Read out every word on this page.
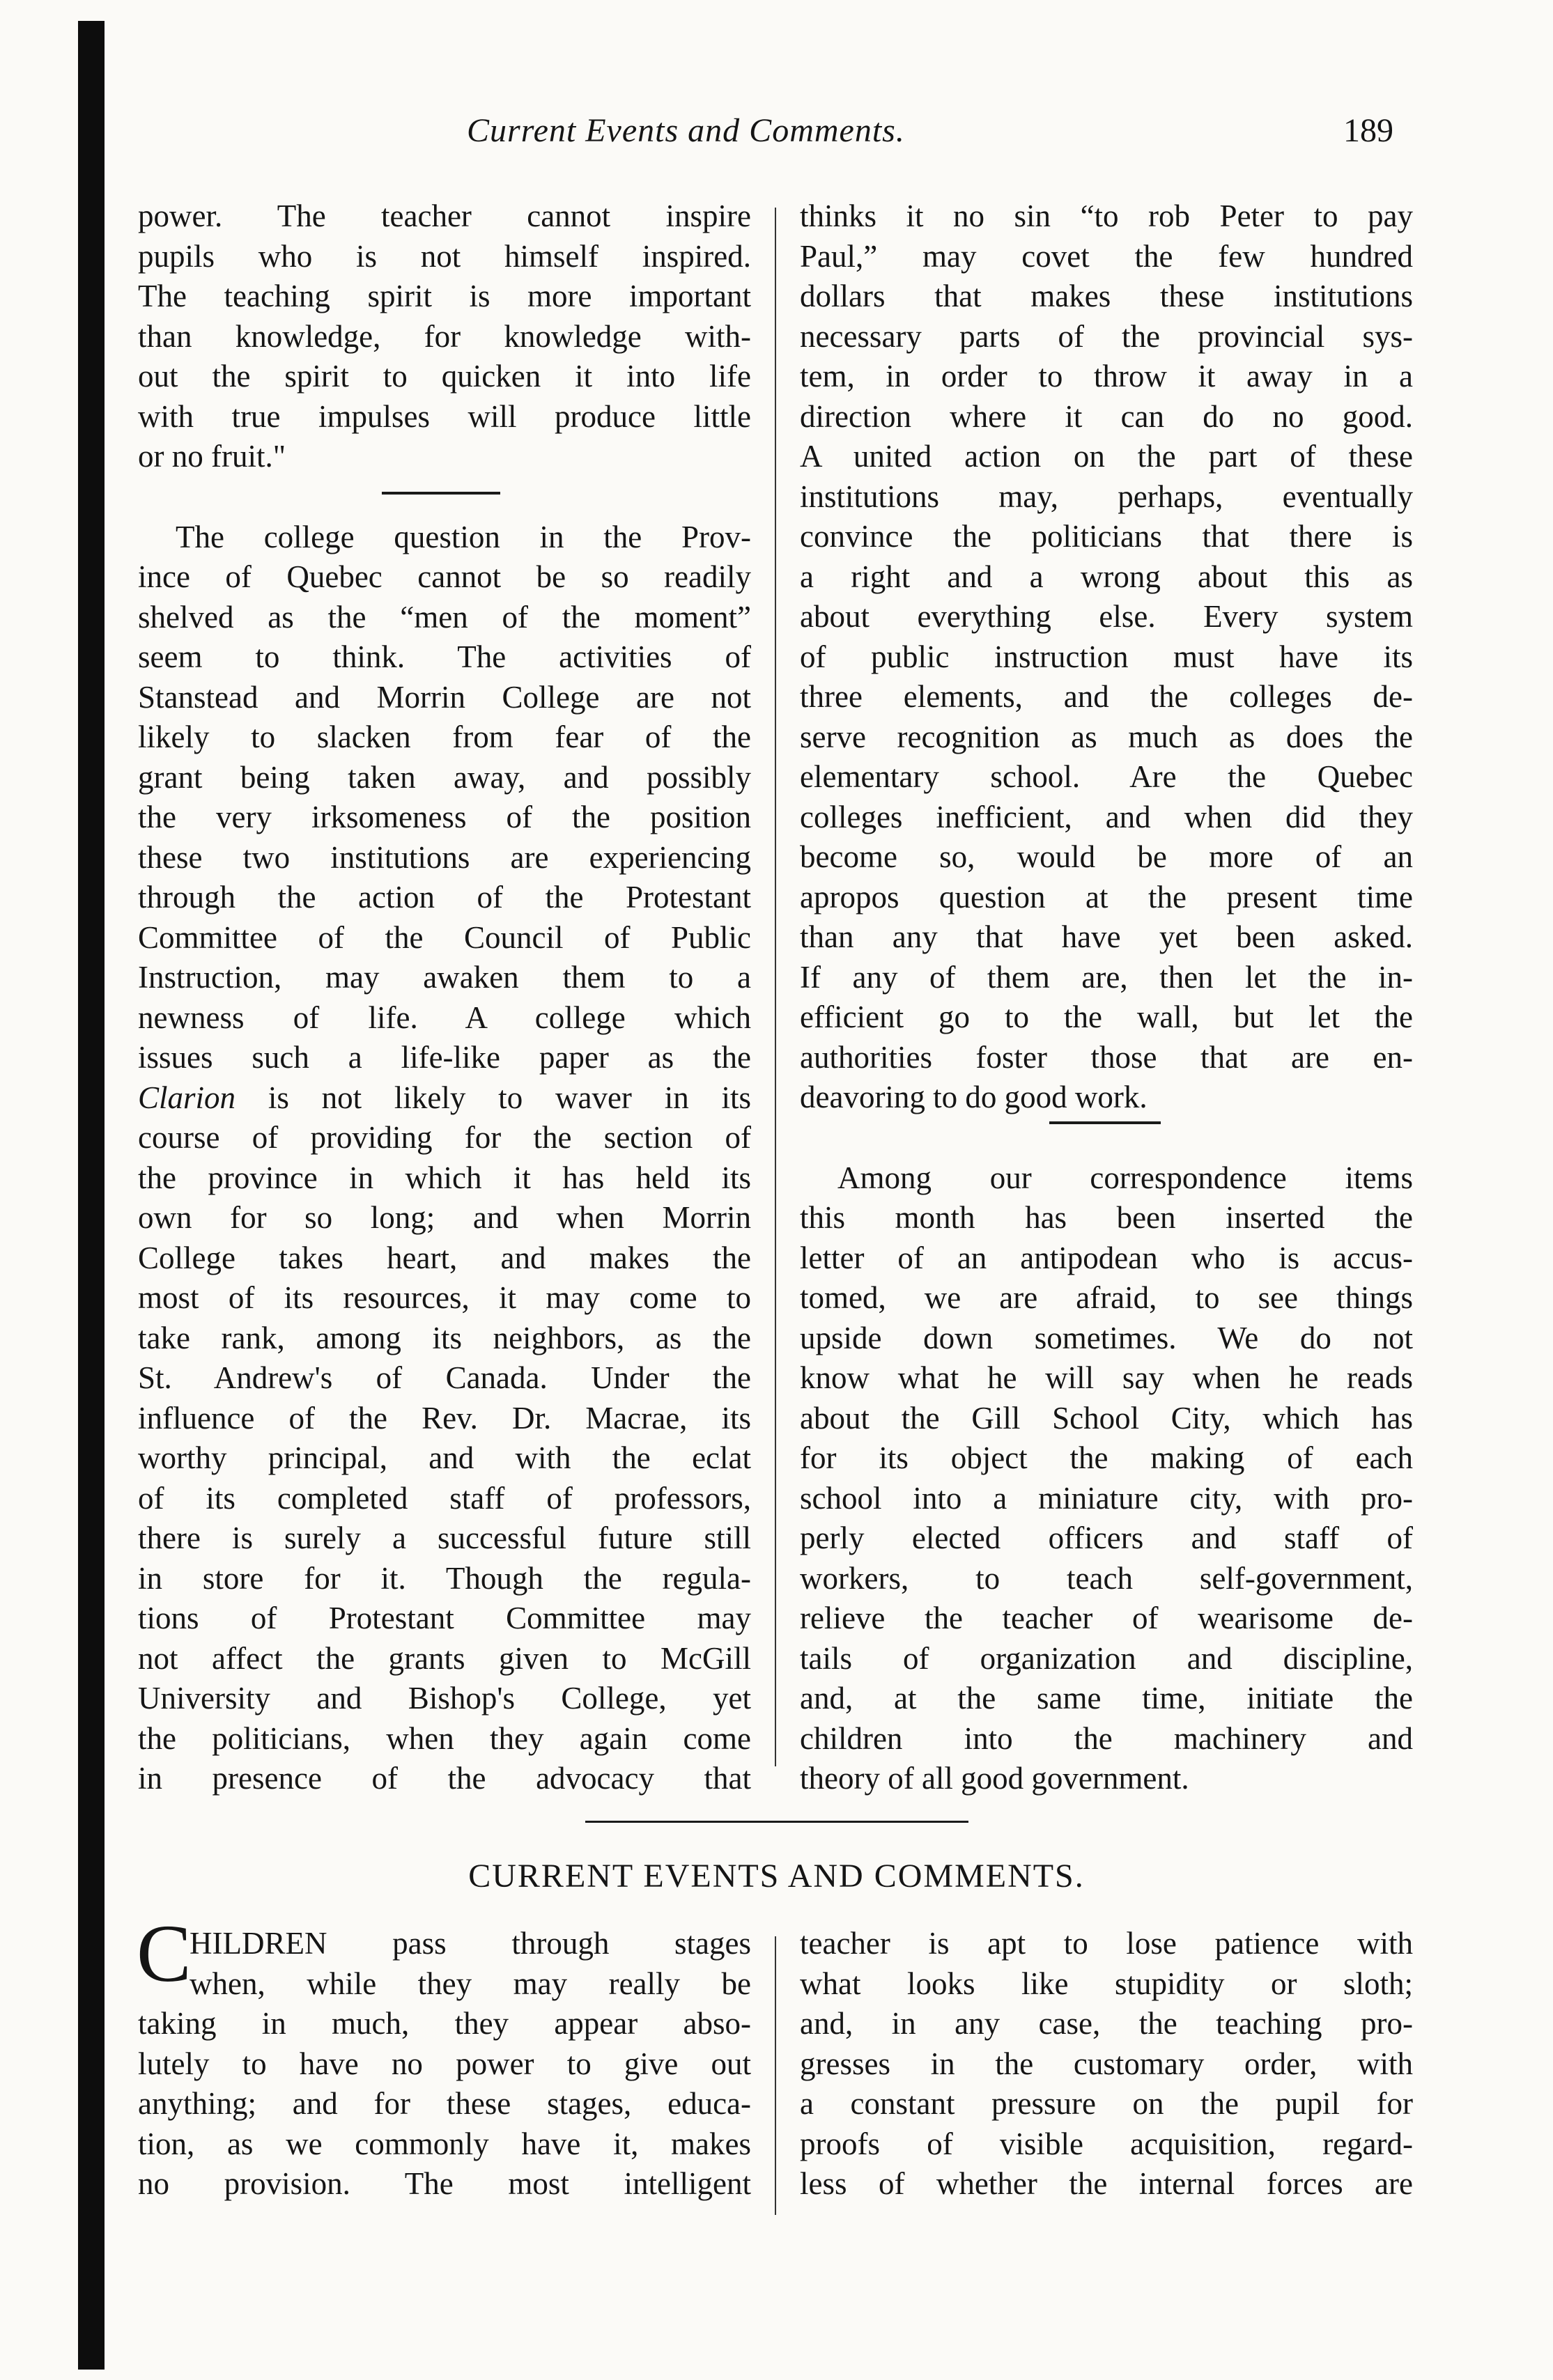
Current Events and Comments.	189
power. The teacher cannot inspire
pupils who is not himself inspired.
The teaching spirit is more important
than knowledge, for knowledge with-
out the spirit to quicken it into life
with true impulses will produce little
or no fruit."
The college question in the Prov-
ince of Quebec cannot be so readily
shelved as the “men of the moment”
seem to think. The activities of
Stanstead and Morrin College are not
likely to slacken from fear of the
grant being taken away, and possibly
the very irksomeness of the position
these two institutions are experiencing
through the action of the Protestant
Committee of the Council of Public
Instruction, may awaken them to a
newness of life. A college which
issues such a life-like paper as the
Clarion is not likely to waver in its
course of providing for the section of
the province in which it has held its
own for so long; and when Morrin
College takes heart, and makes the
most of its resources, it may come to
take rank, among its neighbors, as the
St. Andrew's of Canada. Under the
influence of the Rev. Dr. Macrae, its
worthy principal, and with the eclat
of its completed staff of professors,
there is surely a successful future still
in store for it. Though the regula-
tions of Protestant Committee may
not affect the grants given to McGill
University and Bishop's College, yet
the politicians, when they again come
in presence of the advocacy that
thinks it no sin “to rob Peter to pay
Paul,” may covet the few hundred
dollars that makes these institutions
necessary parts of the provincial sys-
tem, in order to throw it away in a
direction where it can do no good.
A united action on the part of these
institutions may, perhaps, eventually
convince the politicians that there is
a right and a wrong about this as
about everything else. Every system
of public instruction must have its
three elements, and the colleges de-
serve recognition as much as does the
elementary school. Are the Quebec
colleges inefficient, and when did they
become so, would be more of an
apropos question at the present time
than any that have yet been asked.
If any of them are, then let the in-
efficient go to the wall, but let the
authorities foster those that are en-
deavoring to do good work.
Among our correspondence items
this month has been inserted the
letter of an antipodean who is accus-
tomed, we are afraid, to see things
upside down sometimes. We do not
know what he will say when he reads
about the Gill School City, which has
for its object the making of each
school into a miniature city, with pro-
perly elected officers and staff of
workers, to teach self-government,
relieve the teacher of wearisome de-
tails of organization and discipline,
and, at the same time, initiate the
children into the machinery and
theory of all good government.
CURRENT EVENTS AND COMMENTS.
C
HILDREN pass through stages
when, while they may really be
taking in much, they appear abso-
lutely to have no power to give out
anything; and for these stages, educa-
tion, as we commonly have it, makes
no provision. The most intelligent
teacher is apt to lose patience with
what looks like stupidity or sloth;
and, in any case, the teaching pro-
gresses in the customary order, with
a constant pressure on the pupil for
proofs of visible acquisition, regard-
less of whether the internal forces are
